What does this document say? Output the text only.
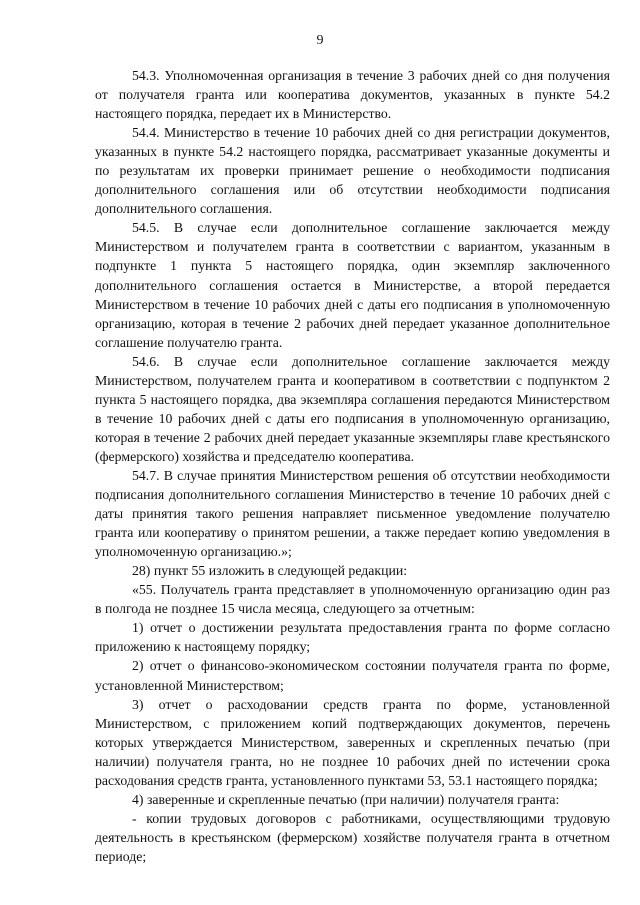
9

54.3. Уполномоченная организация в течение 3 рабочих дней со дня получения от получателя гранта или кооператива документов, указанных в пункте 54.2 настоящего порядка, передает их в Министерство.

54.4. Министерство в течение 10 рабочих дней со дня регистрации документов, указанных в пункте 54.2 настоящего порядка, рассматривает указанные документы и по результатам их проверки принимает решение о необходимости подписания дополнительного соглашения или об отсутствии необходимости подписания дополнительного соглашения.

54.5. В случае если дополнительное соглашение заключается между Министерством и получателем гранта в соответствии с вариантом, указанным в подпункте 1 пункта 5 настоящего порядка, один экземпляр заключенного дополнительного соглашения остается в Министерстве, а второй передается Министерством в течение 10 рабочих дней с даты его подписания в уполномоченную организацию, которая в течение 2 рабочих дней передает указанное дополнительное соглашение получателю гранта.

54.6. В случае если дополнительное соглашение заключается между Министерством, получателем гранта и кооперативом в соответствии с подпунктом 2 пункта 5 настоящего порядка, два экземпляра соглашения передаются Министерством в течение 10 рабочих дней с даты его подписания в уполномоченную организацию, которая в течение 2 рабочих дней передает указанные экземпляры главе крестьянского (фермерского) хозяйства и председателю кооператива.

54.7. В случае принятия Министерством решения об отсутствии необходимости подписания дополнительного соглашения Министерство в течение 10 рабочих дней с даты принятия такого решения направляет письменное уведомление получателю гранта или кооперативу о принятом решении, а также передает копию уведомления в уполномоченную организацию.»;

28) пункт 55 изложить в следующей редакции:

«55. Получатель гранта представляет в уполномоченную организацию один раз в полгода не позднее 15 числа месяца, следующего за отчетным:

1) отчет о достижении результата предоставления гранта по форме согласно приложению к настоящему порядку;

2) отчет о финансово-экономическом состоянии получателя гранта по форме, установленной Министерством;

3) отчет о расходовании средств гранта по форме, установленной Министерством, с приложением копий подтверждающих документов, перечень которых утверждается Министерством, заверенных и скрепленных печатью (при наличии) получателя гранта, но не позднее 10 рабочих дней по истечении срока расходования средств гранта, установленного пунктами 53, 53.1 настоящего порядка;

4) заверенные и скрепленные печатью (при наличии) получателя гранта:

- копии трудовых договоров с работниками, осуществляющими трудовую деятельность в крестьянском (фермерском) хозяйстве получателя гранта в отчетном периоде;
